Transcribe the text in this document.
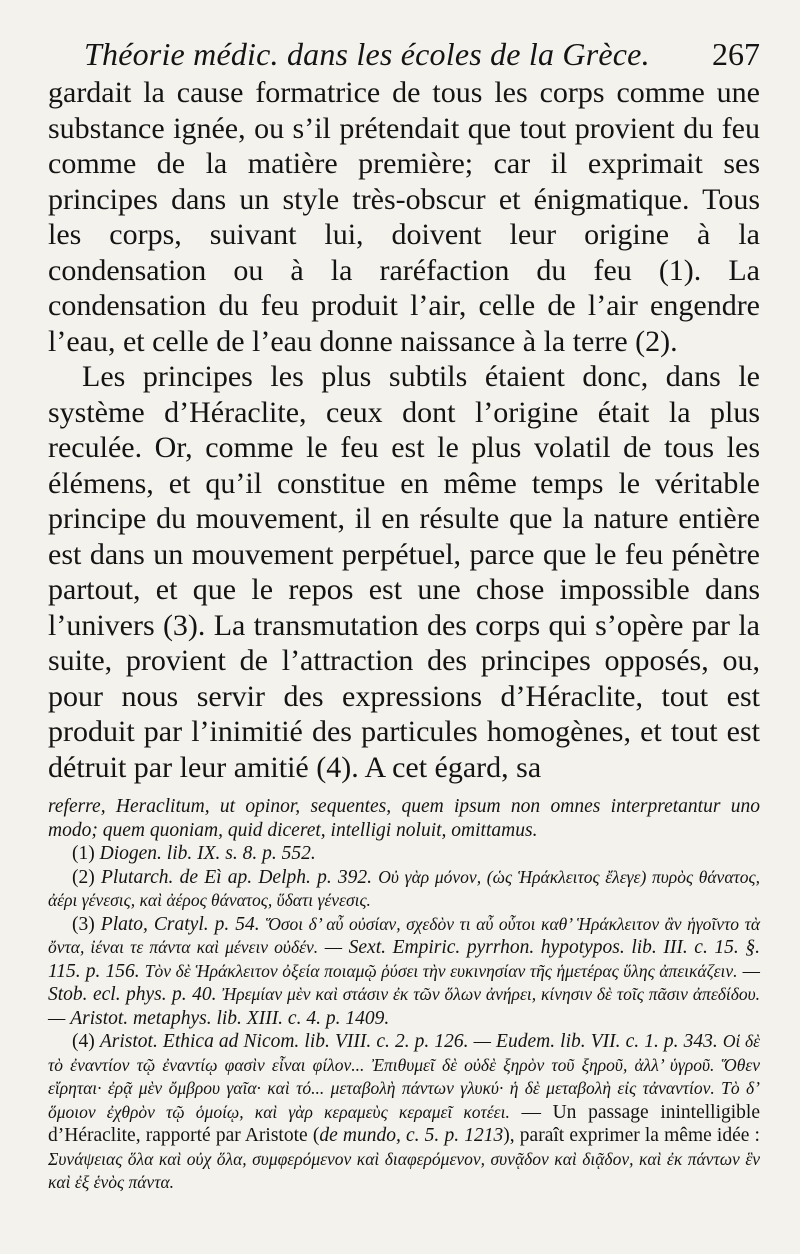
Théorie médic. dans les écoles de la Grèce. 267

gardait la cause formatrice de tous les corps comme une substance ignée, ou s’il prétendait que tout provient du feu comme de la matière première; car il exprimait ses principes dans un style très-obscur et énigmatique. Tous les corps, suivant lui, doivent leur origine à la condensation ou à la raréfaction du feu (1). La condensation du feu produit l’air, celle de l’air engendre l’eau, et celle de l’eau donne naissance à la terre (2).

Les principes les plus subtils étaient donc, dans le système d’Héraclite, ceux dont l’origine était la plus reculée. Or, comme le feu est le plus volatil de tous les élémens, et qu’il constitue en même temps le véritable principe du mouvement, il en résulte que la nature entière est dans un mouvement perpétuel, parce que le feu pénètre partout, et que le repos est une chose impossible dans l’univers (3). La transmutation des corps qui s’opère par la suite, provient de l’attraction des principes opposés, ou, pour nous servir des expressions d’Héraclite, tout est produit par l’inimitié des particules homogènes, et tout est détruit par leur amitié (4). A cet égard, sa

referre, Heraclitum, ut opinor, sequentes, quem ipsum non omnes interpretantur uno modo; quem quoniam, quid diceret, intelligi noluit, omittamus.

(1) Diogen. lib. IX. s. 8. p. 552.

(2) Plutarch. de Eì ap. Delph. p. 392. Οὐ γὰρ μόνον, (ὡς Ἡράκλειτος ἔλεγε) πυρὸς θάνατος, ἀέρι γένεσις, καὶ ἀέρος θάνατος, ὕδατι γένεσις.

(3) Plato, Cratyl. p. 54. Ὅσοι δ’ αὖ οὐσίαν, σχεδὸν τι αὖ οὗτοι καθ’ Ἡράκλειτον ἂν ἡγοῖντο τὰ ὄντα, ἰέναι τε πάντα καὶ μένειν οὐδέν. — Sext. Empiric. pyrrhon. hypotypos. lib. III. c. 15. §. 115. p. 156. Τὸν δὲ Ἡράκλειτον ὀξεία ποιαμῷ ῥύσει τὴν ευκινησίαν τῆς ἡμετέρας ὕλης ἀπεικάζειν. — Stob. ecl. phys. p. 40. Ἠρεμίαν μὲν καὶ στάσιν ἐκ τῶν ὅλων ἀνήρει, κίνησιν δὲ τοῖς πᾶσιν ἀπεδίδου. — Aristot. metaphys. lib. XIII. c. 4. p. 1409.

(4) Aristot. Ethica ad Nicom. lib. VIII. c. 2. p. 126. — Eudem. lib. VII. c. 1. p. 343. Οἱ δὲ τὸ ἐναντίον τῷ ἐναντίῳ φασὶν εἶναι φίλον... Ἐπιθυμεῖ δὲ οὐδὲ ξηρὸν τοῦ ξηροῦ, ἀλλ’ ὑγροῦ. Ὅθεν εἴρηται· ἐρᾷ μὲν ὄμβρου γαῖα· καὶ τό... μεταβολὴ πάντων γλυκύ· ἡ δὲ μεταβολὴ εἰς τἀναντίον. Τὸ δ’ ὅμοιον ἐχθρὸν τῷ ὁμοίῳ, καὶ γὰρ κεραμεὺς κεραμεῖ κοτέει. — Un passage inintelligible d’Héraclite, rapporté par Aristote (de mundo, c. 5. p. 1213), paraît exprimer la même idée : Συνάψειας ὅλα καὶ οὐχ ὅλα, συμφερόμενον καὶ διαφερόμενον, συνᾷδον καὶ διᾷδον, καὶ ἐκ πάντων ἓν καὶ ἐξ ἑνὸς πάντα.
